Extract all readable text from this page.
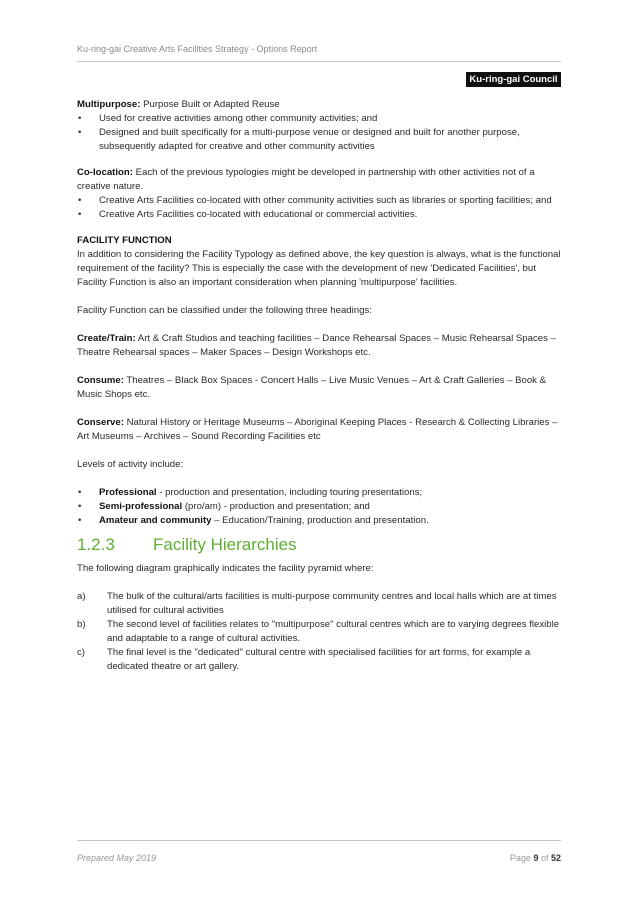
Ku-ring-gai Creative Arts Facilities Strategy - Options Report
Ku-ring-gai Council

Multipurpose: Purpose Built or Adapted Reuse

• Used for creative activities among other community activities; and
• Designed and built specifically for a multi-purpose venue or designed and built for another purpose, subsequently adapted for creative and other community activities

Co-location: Each of the previous typologies might be developed in partnership with other activities not of a creative nature.

• Creative Arts Facilities co-located with other community activities such as libraries or sporting facilities; and
• Creative Arts Facilities co-located with educational or commercial activities.

FACILITY FUNCTION

In addition to considering the Facility Typology as defined above, the key question is always, what is the functional requirement of the facility? This is especially the case with the development of new 'Dedicated Facilities', but Facility Function is also an important consideration when planning 'multipurpose' facilities.

Facility Function can be classified under the following three headings:

Create/Train: Art & Craft Studios and teaching facilities – Dance Rehearsal Spaces – Music Rehearsal Spaces – Theatre Rehearsal spaces – Maker Spaces – Design Workshops etc.

Consume: Theatres – Black Box Spaces - Concert Halls – Live Music Venues – Art & Craft Galleries – Book & Music Shops etc.

Conserve: Natural History or Heritage Museums – Aboriginal Keeping Places - Research & Collecting Libraries – Art Museums – Archives – Sound Recording Facilities etc

Levels of activity include:

• Professional - production and presentation, including touring presentations;
• Semi-professional (pro/am) - production and presentation; and
• Amateur and community – Education/Training, production and presentation.
1.2.3	Facility Hierarchies

The following diagram graphically indicates the facility pyramid where:

a) The bulk of the cultural/arts facilities is multi-purpose community centres and local halls which are at times utilised for cultural activities
b) The second level of facilities relates to "multipurpose" cultural centres which are to varying degrees flexible and adaptable to a range of cultural activities.
c) The final level is the "dedicated" cultural centre with specialised facilities for art forms, for example a dedicated theatre or art gallery.
Prepared May 2019	Page 9 of 52
